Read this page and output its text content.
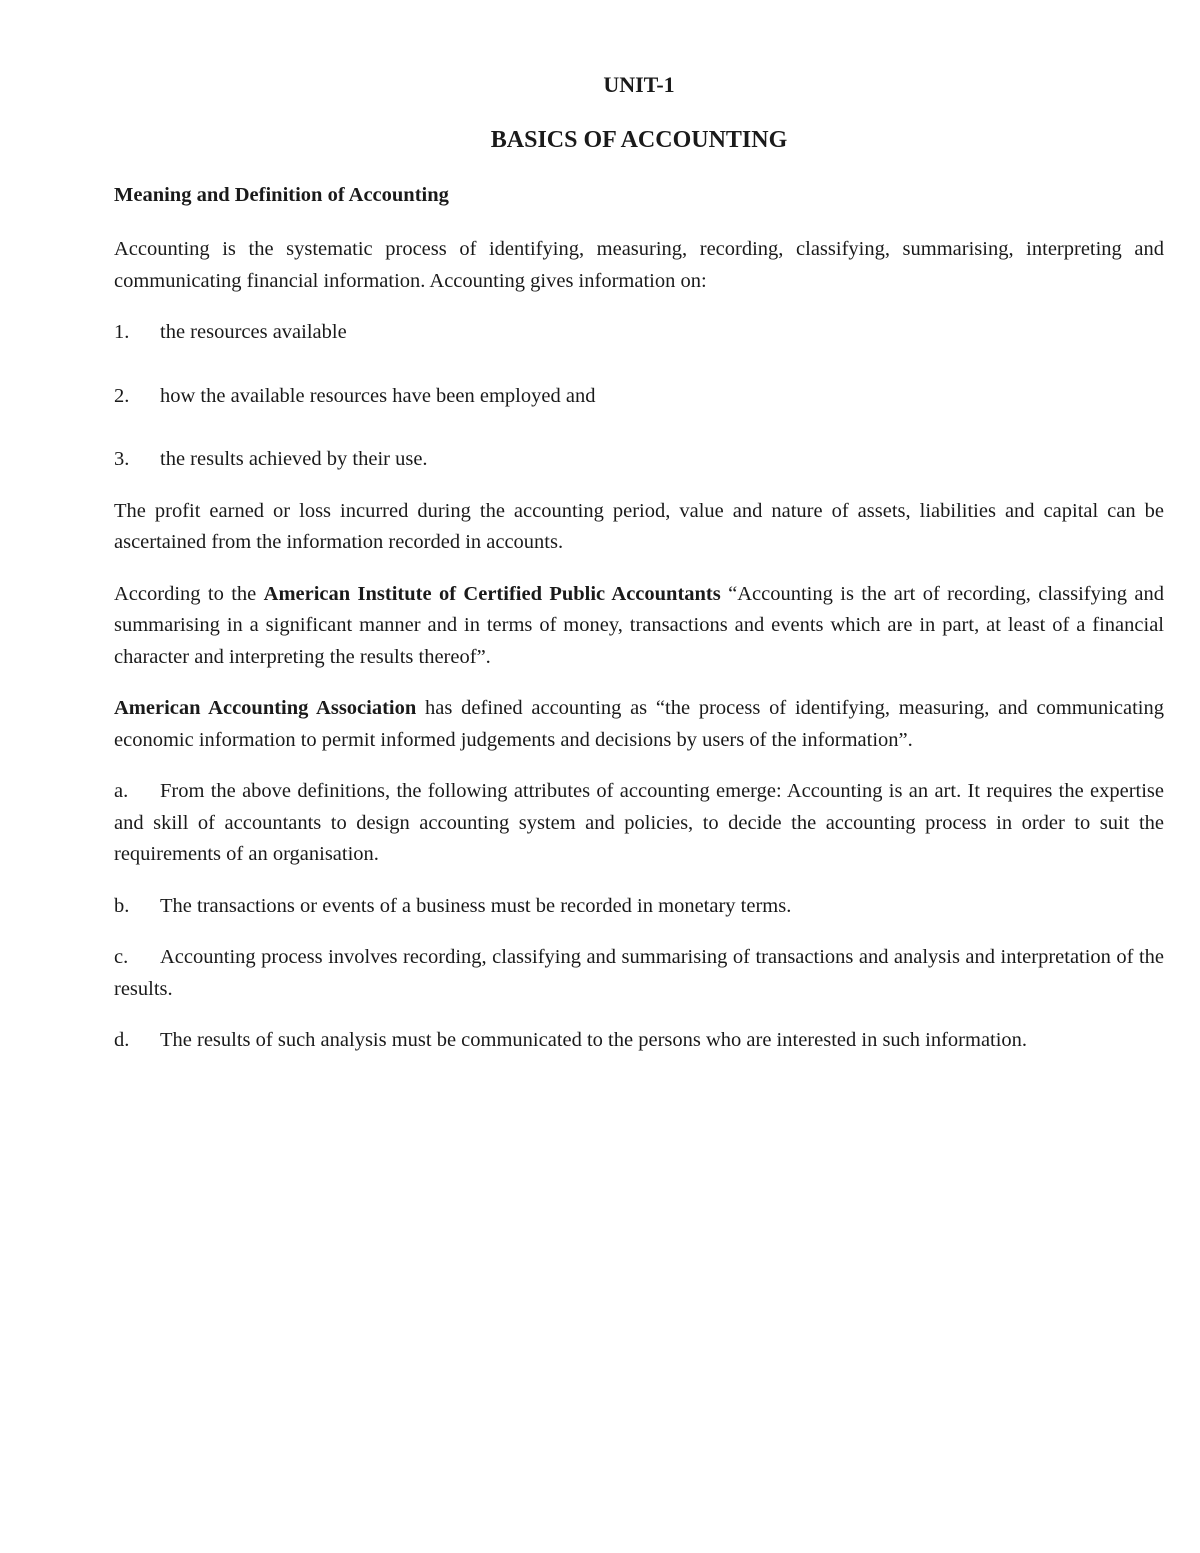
UNIT-1
BASICS OF ACCOUNTING
Meaning and Definition of Accounting

Accounting is the systematic process of identifying, measuring, recording, classifying, summarising, interpreting and communicating financial information. Accounting gives information on:

1.	the resources available
2.	how the available resources have been employed and
3.	the results achieved by their use.

The profit earned or loss incurred during the accounting period, value and nature of assets, liabilities and capital can be ascertained from the information recorded in accounts.

According to the American Institute of Certified Public Accountants “Accounting is the art of recording, classifying and summarising in a significant manner and in terms of money, transactions and events which are in part, at least of a financial character and interpreting the results thereof”.

American Accounting Association has defined accounting as “the process of identifying, measuring, and communicating economic information to permit informed judgements and decisions by users of the information”.

a. From the above definitions, the following attributes of accounting emerge: Accounting is an art. It requires the expertise and skill of accountants to design accounting system and policies, to decide the accounting process in order to suit the requirements of an organisation.

b. The transactions or events of a business must be recorded in monetary terms.

c. Accounting process involves recording, classifying and summarising of transactions and analysis and interpretation of the results.

d. The results of such analysis must be communicated to the persons who are interested in such information.
